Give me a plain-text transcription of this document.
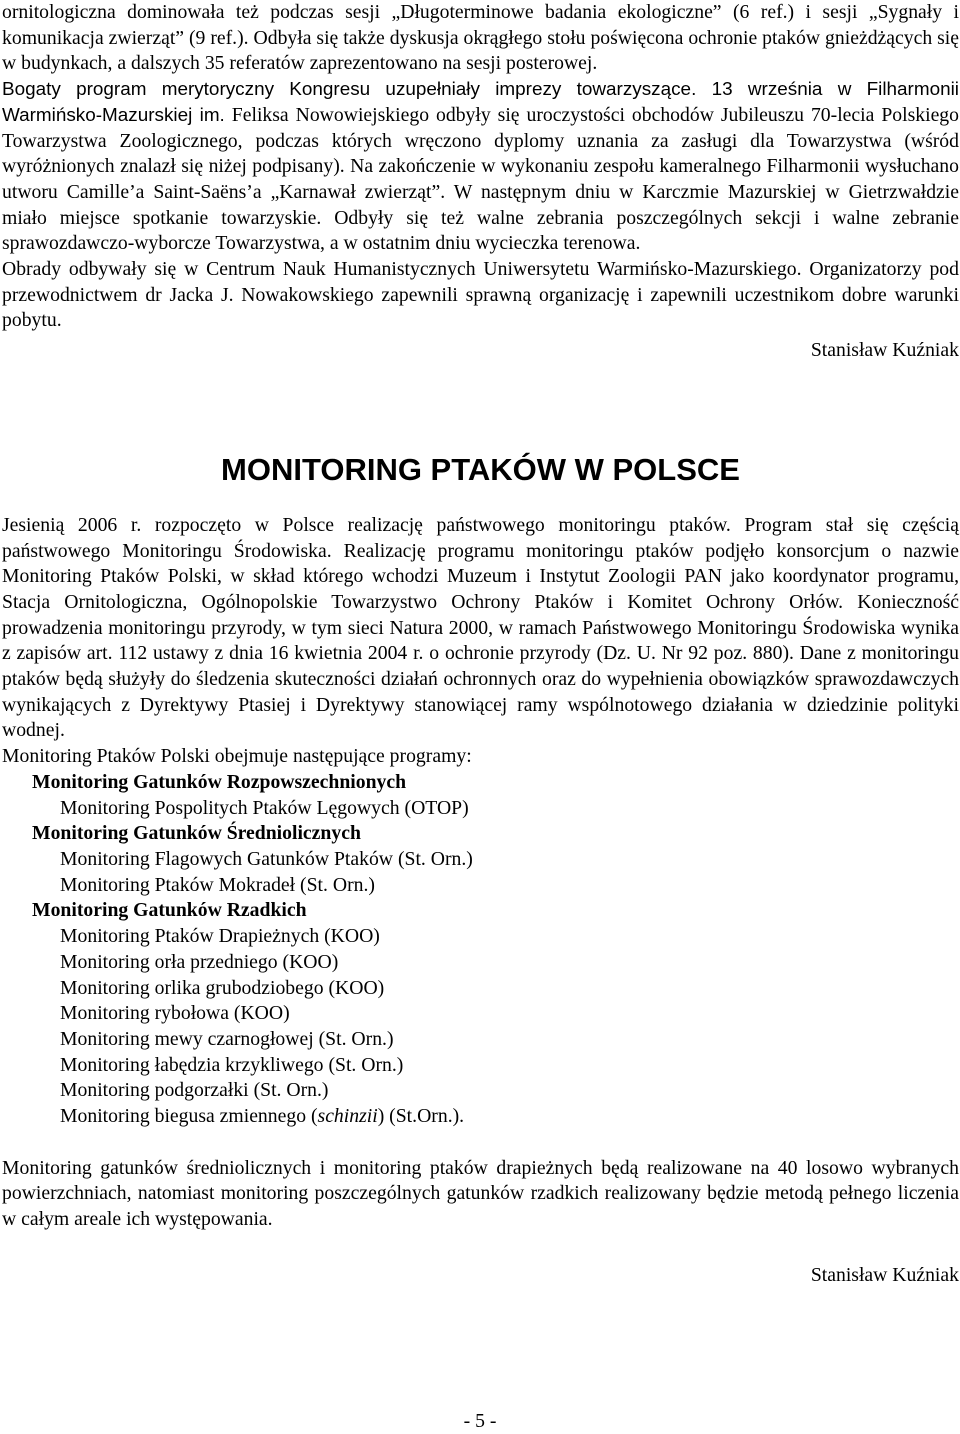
ornitologiczna dominowała też podczas sesji „Długoterminowe badania ekologiczne” (6 ref.) i sesji „Sygnały i komunikacja zwierząt” (9 ref.). Odbyła się także dyskusja okrągłego stołu poświęcona ochronie ptaków gnieżdżących się w budynkach, a dalszych 35 referatów zaprezentowano na sesji posterowej.

Bogaty program merytoryczny Kongresu uzupełniały imprezy towarzyszące. 13 września w Filharmonii Warmińsko-Mazurskiej im. Feliksa Nowowiejskiego odbyły się uroczystości obchodów Jubileuszu 70-lecia Polskiego Towarzystwa Zoologicznego, podczas których wręczono dyplomy uznania za zasługi dla Towarzystwa (wśród wyróżnionych znalazł się niżej podpisany). Na zakończenie w wykonaniu zespołu kameralnego Filharmonii wysłuchano utworu Camille’a Saint-Saëns’a „Karnawał zwierząt”. W następnym dniu w Karczmie Mazurskiej w Gietrzwałdzie miało miejsce spotkanie towarzyskie. Odbyły się też walne zebrania poszczególnych sekcji i walne zebranie sprawozdawczo-wyborcze Towarzystwa, a w ostatnim dniu wycieczka terenowa.

Obrady odbywały się w Centrum Nauk Humanistycznych Uniwersytetu Warmińsko-Mazurskiego. Organizatorzy pod przewodnictwem dr Jacka J. Nowakowskiego zapewnili sprawną organizację i zapewnili uczestnikom dobre warunki pobytu.

Stanisław Kuźniak

MONITORING PTAKÓW W POLSCE

Jesienią 2006 r. rozpoczęto w Polsce realizację państwowego monitoringu ptaków. Program stał się częścią państwowego Monitoringu Środowiska. Realizację programu monitoringu ptaków podjęło konsorcjum o nazwie Monitoring Ptaków Polski, w skład którego wchodzi Muzeum i Instytut Zoologii PAN jako koordynator programu, Stacja Ornitologiczna, Ogólnopolskie Towarzystwo Ochrony Ptaków i Komitet Ochrony Orłów. Konieczność prowadzenia monitoringu przyrody, w tym sieci Natura 2000, w ramach Państwowego Monitoringu Środowiska wynika z zapisów art. 112 ustawy z dnia 16 kwietnia 2004 r. o ochronie przyrody (Dz. U. Nr 92 poz. 880). Dane z monitoringu ptaków będą służyły do śledzenia skuteczności działań ochronnych oraz do wypełnienia obowiązków sprawozdawczych wynikających z Dyrektywy Ptasiej i Dyrektywy stanowiącej ramy wspólnotowego działania w dziedzinie polityki wodnej.

Monitoring Ptaków Polski obejmuje następujące programy:

Monitoring Gatunków Rozpowszechnionych
Monitoring Pospolitych Ptaków Lęgowych (OTOP)
Monitoring Gatunków Średniolicznych
Monitoring Flagowych Gatunków Ptaków (St. Orn.)
Monitoring Ptaków Mokradeł (St. Orn.)
Monitoring Gatunków Rzadkich
Monitoring Ptaków Drapieżnych (KOO)
Monitoring orła przedniego (KOO)
Monitoring orlika grubodziobego (KOO)
Monitoring rybołowa (KOO)
Monitoring mewy czarnogłowej (St. Orn.)
Monitoring łabędzia krzykliwego (St. Orn.)
Monitoring podgorzałki (St. Orn.)
Monitoring biegusa zmiennego (schinzii) (St.Orn.).

Monitoring gatunków średniolicznych i monitoring ptaków drapieżnych będą realizowane na 40 losowo wybranych powierzchniach, natomiast monitoring poszczególnych gatunków rzadkich realizowany będzie metodą pełnego liczenia w całym areale ich występowania.

Stanisław Kuźniak

- 5 -
